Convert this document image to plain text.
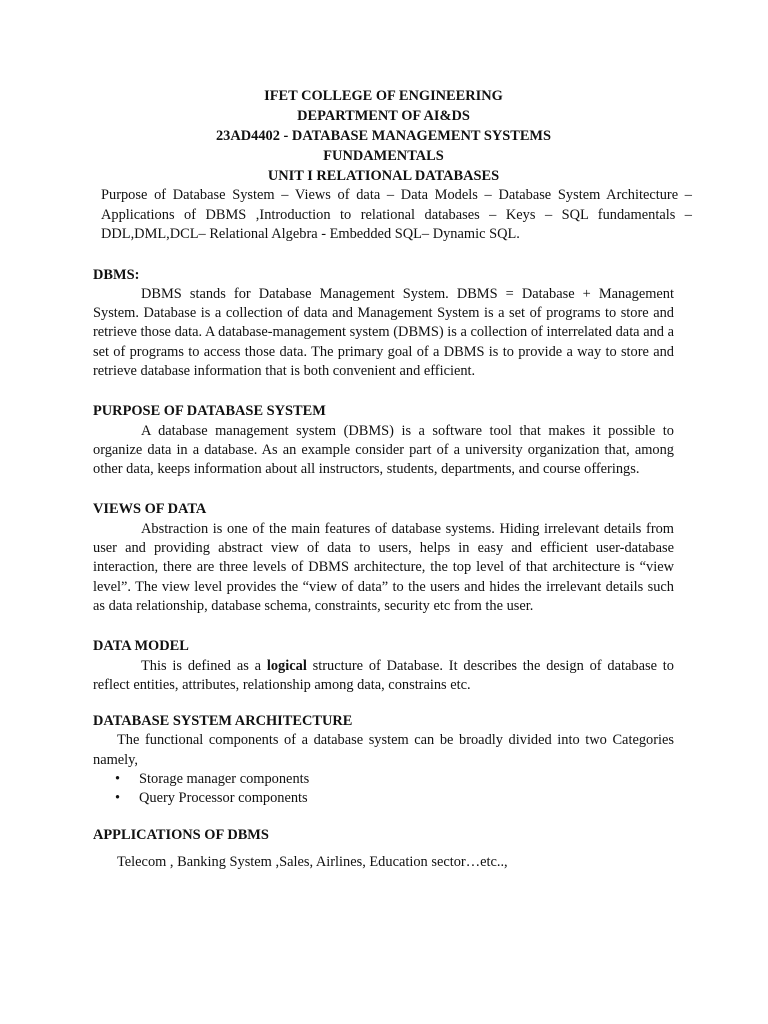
IFET COLLEGE OF ENGINEERING
DEPARTMENT OF AI&DS
23AD4402 - DATABASE MANAGEMENT SYSTEMS
FUNDAMENTALS
UNIT I RELATIONAL DATABASES
Purpose of Database System – Views of data – Data Models – Database System Architecture – Applications of DBMS ,Introduction to relational databases – Keys – SQL fundamentals – DDL,DML,DCL– Relational Algebra - Embedded SQL– Dynamic SQL.
DBMS:

DBMS stands for Database Management System. DBMS = Database + Management System. Database is a collection of data and Management System is a set of programs to store and retrieve those data. A database-management system (DBMS) is a collection of interrelated data and a set of programs to access those data. The primary goal of a DBMS is to provide a way to store and retrieve database information that is both convenient and efficient.

PURPOSE OF DATABASE SYSTEM

A database management system (DBMS) is a software tool that makes it possible to organize data in a database. As an example consider part of a university organization that, among other data, keeps information about all instructors, students, departments, and course offerings.

VIEWS OF DATA

Abstraction is one of the main features of database systems. Hiding irrelevant details from user and providing abstract view of data to users, helps in easy and efficient user-database interaction, there are three levels of DBMS architecture, the top level of that architecture is “view level”. The view level provides the “view of data” to the users and hides the irrelevant details such as data relationship, database schema, constraints, security etc from the user.

DATA MODEL

This is defined as a logical structure of Database. It describes the design of database to reflect entities, attributes, relationship among data, constrains etc.

DATABASE SYSTEM ARCHITECTURE

The functional components of a database system can be broadly divided into two Categories namely,

• Storage manager components
• Query Processor components
APPLICATIONS OF DBMS

Telecom , Banking System ,Sales, Airlines, Education sector…etc..,
